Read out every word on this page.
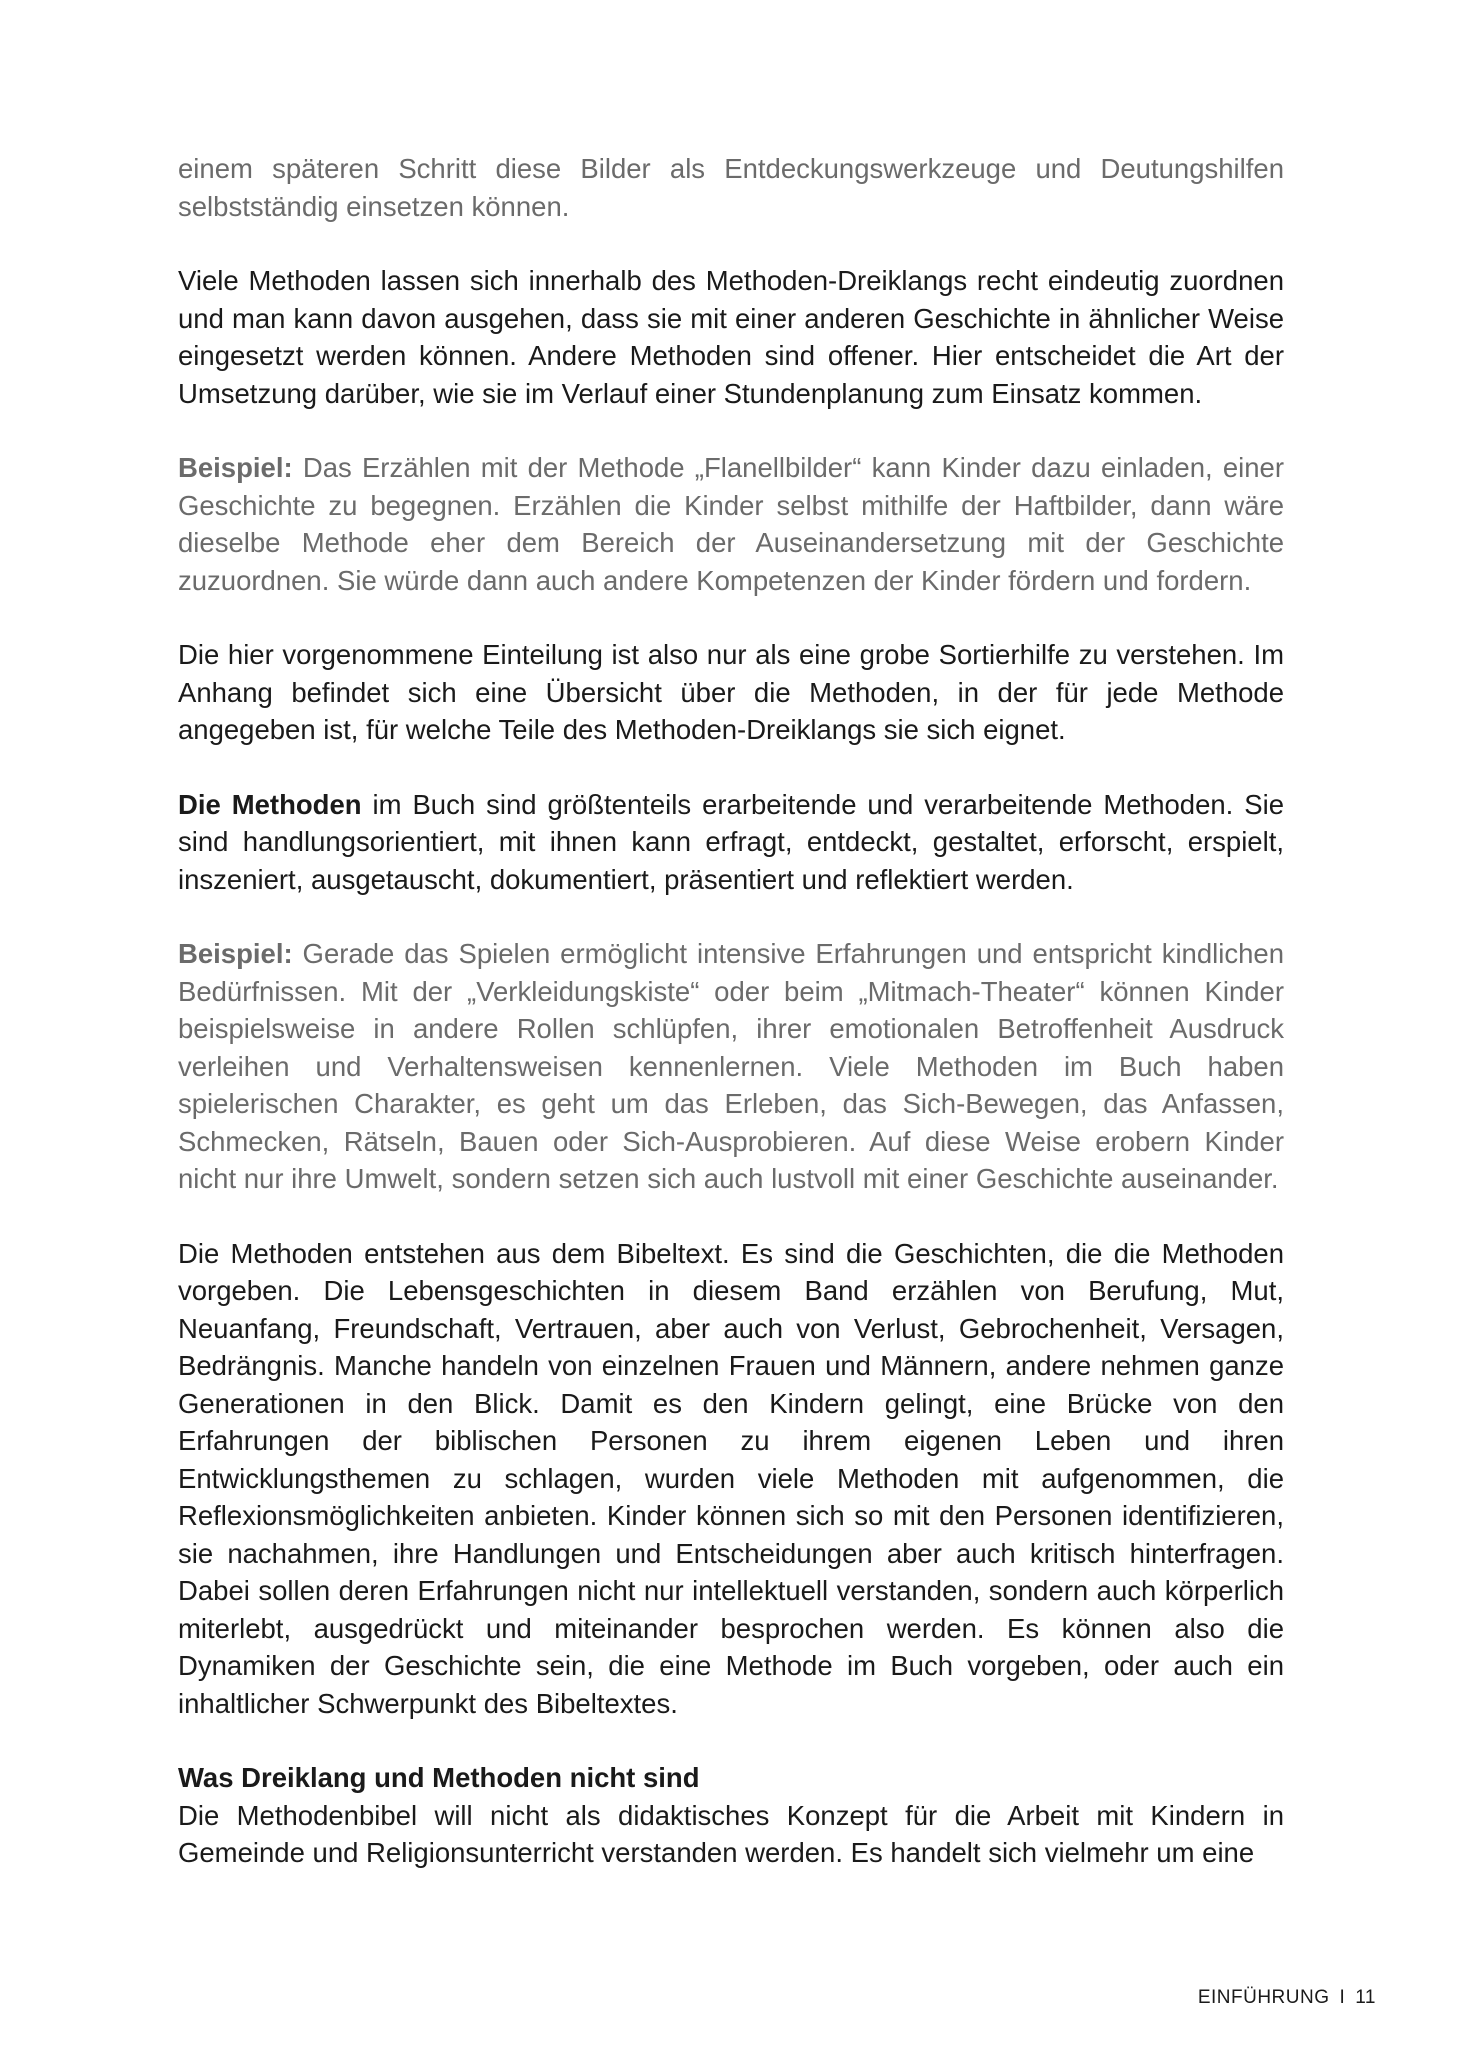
einem späteren Schritt diese Bilder als Entdeckungswerkzeuge und Deutungshilfen selbstständig einsetzen können.

Viele Methoden lassen sich innerhalb des Methoden-Dreiklangs recht eindeutig zuordnen und man kann davon ausgehen, dass sie mit einer anderen Geschichte in ähnlicher Weise eingesetzt werden können. Andere Methoden sind offener. Hier entscheidet die Art der Umsetzung darüber, wie sie im Verlauf einer Stundenplanung zum Einsatz kommen.

Beispiel: Das Erzählen mit der Methode „Flanellbilder“ kann Kinder dazu einladen, einer Geschichte zu begegnen. Erzählen die Kinder selbst mithilfe der Haftbilder, dann wäre dieselbe Methode eher dem Bereich der Auseinandersetzung mit der Geschichte zuzuordnen. Sie würde dann auch andere Kompetenzen der Kinder fördern und fordern.

Die hier vorgenommene Einteilung ist also nur als eine grobe Sortierhilfe zu verstehen. Im Anhang befindet sich eine Übersicht über die Methoden, in der für jede Methode angegeben ist, für welche Teile des Methoden-Dreiklangs sie sich eignet.

Die Methoden im Buch sind größtenteils erarbeitende und verarbeitende Methoden. Sie sind handlungsorientiert, mit ihnen kann erfragt, entdeckt, gestaltet, erforscht, erspielt, inszeniert, ausgetauscht, dokumentiert, präsentiert und reflektiert werden.

Beispiel: Gerade das Spielen ermöglicht intensive Erfahrungen und entspricht kindlichen Bedürfnissen. Mit der „Verkleidungskiste“ oder beim „Mitmach-Theater“ können Kinder beispielsweise in andere Rollen schlüpfen, ihrer emotionalen Betroffenheit Ausdruck verleihen und Verhaltensweisen kennenlernen. Viele Methoden im Buch haben spielerischen Charakter, es geht um das Erleben, das Sich-Bewegen, das Anfassen, Schmecken, Rätseln, Bauen oder Sich-Ausprobieren. Auf diese Weise erobern Kinder nicht nur ihre Umwelt, sondern setzen sich auch lustvoll mit einer Geschichte auseinander.

Die Methoden entstehen aus dem Bibeltext. Es sind die Geschichten, die die Methoden vorgeben. Die Lebensgeschichten in diesem Band erzählen von Berufung, Mut, Neuanfang, Freundschaft, Vertrauen, aber auch von Verlust, Gebrochenheit, Versagen, Bedrängnis. Manche handeln von einzelnen Frauen und Männern, andere nehmen ganze Generationen in den Blick. Damit es den Kindern gelingt, eine Brücke von den Erfahrungen der biblischen Personen zu ihrem eigenen Leben und ihren Entwicklungsthemen zu schlagen, wurden viele Methoden mit aufgenommen, die Reflexionsmöglichkeiten anbieten. Kinder können sich so mit den Personen identifizieren, sie nachahmen, ihre Handlungen und Entscheidungen aber auch kritisch hinterfragen. Dabei sollen deren Erfahrungen nicht nur intellektuell verstanden, sondern auch körperlich miterlebt, ausgedrückt und miteinander besprochen werden. Es können also die Dynamiken der Geschichte sein, die eine Methode im Buch vorgeben, oder auch ein inhaltlicher Schwerpunkt des Bibeltextes.

Was Dreiklang und Methoden nicht sind

Die Methodenbibel will nicht als didaktisches Konzept für die Arbeit mit Kindern in Gemeinde und Religionsunterricht verstanden werden. Es handelt sich vielmehr um eine

EINFÜHRUNG I 11
